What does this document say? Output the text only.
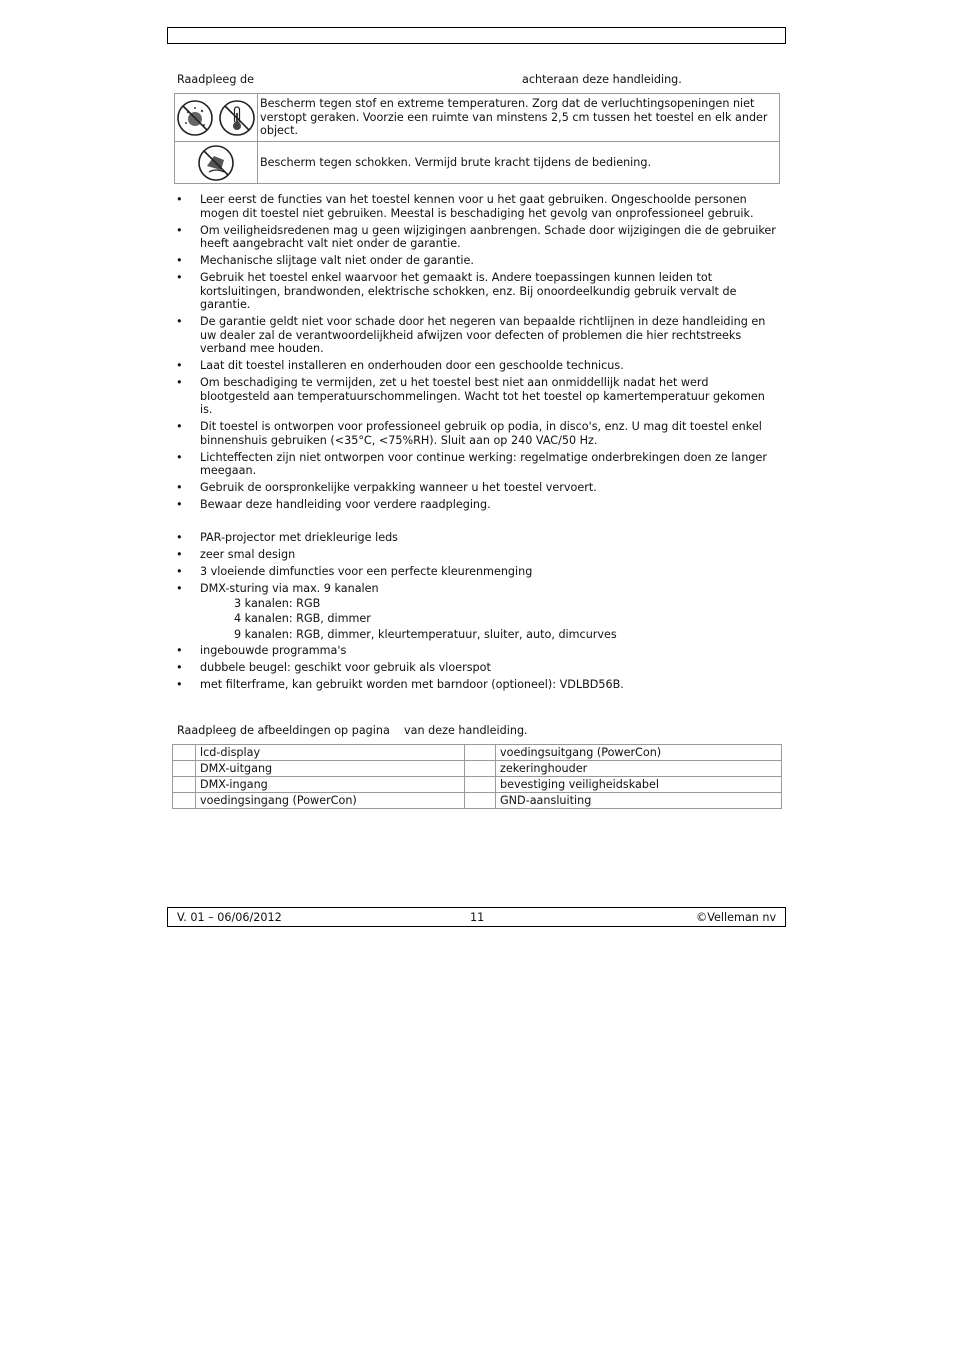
Raadpleeg de	achteraan deze handleiding.
	Bescherm tegen stof en extreme temperaturen. Zorg dat de verluchtingsopeningen niet verstopt geraken. Voorzie een ruimte van minstens 2,5 cm tussen het toestel en elk ander object.
	Bescherm tegen schokken. Vermijd brute kracht tijdens de bediening.
• Leer eerst de functies van het toestel kennen voor u het gaat gebruiken. Ongeschoolde personen mogen dit toestel niet gebruiken. Meestal is beschadiging het gevolg van onprofessioneel gebruik.
• Om veiligheidsredenen mag u geen wijzigingen aanbrengen. Schade door wijzigingen die de gebruiker heeft aangebracht valt niet onder de garantie.
• Mechanische slijtage valt niet onder de garantie.
• Gebruik het toestel enkel waarvoor het gemaakt is. Andere toepassingen kunnen leiden tot kortsluitingen, brandwonden, elektrische schokken, enz. Bij onoordeelkundig gebruik vervalt de garantie.
• De garantie geldt niet voor schade door het negeren van bepaalde richtlijnen in deze handleiding en uw dealer zal de verantwoordelijkheid afwijzen voor defecten of problemen die hier rechtstreeks verband mee houden.
• Laat dit toestel installeren en onderhouden door een geschoolde technicus.
• Om beschadiging te vermijden, zet u het toestel best niet aan onmiddellijk nadat het werd blootgesteld aan temperatuurschommelingen. Wacht tot het toestel op kamertemperatuur gekomen is.
• Dit toestel is ontworpen voor professioneel gebruik op podia, in disco's, enz. U mag dit toestel enkel binnenshuis gebruiken (<35°C, <75%RH). Sluit aan op 240 VAC/50 Hz.
• Lichteffecten zijn niet ontworpen voor continue werking: regelmatige onderbrekingen doen ze langer meegaan.
• Gebruik de oorspronkelijke verpakking wanneer u het toestel vervoert.
• Bewaar deze handleiding voor verdere raadpleging.
• PAR-projector met driekleurige leds
• zeer smal design
• 3 vloeiende dimfuncties voor een perfecte kleurenmenging
• DMX-sturing via max. 9 kanalen
3 kanalen: RGB
4 kanalen: RGB, dimmer
9 kanalen: RGB, dimmer, kleurtemperatuur, sluiter, auto, dimcurves
• ingebouwde programma's
• dubbele beugel: geschikt voor gebruik als vloerspot
• met filterframe, kan gebruikt worden met barndoor (optioneel): VDLBD56B.
Raadpleeg de afbeeldingen op pagina van deze handleiding.
	lcd-display		voedingsuitgang (PowerCon)
	DMX-uitgang		zekeringhouder
	DMX-ingang		bevestiging veiligheidskabel
	voedingsingang (PowerCon)		GND-aansluiting
V. 01 – 06/06/2012	11	©Velleman nv
